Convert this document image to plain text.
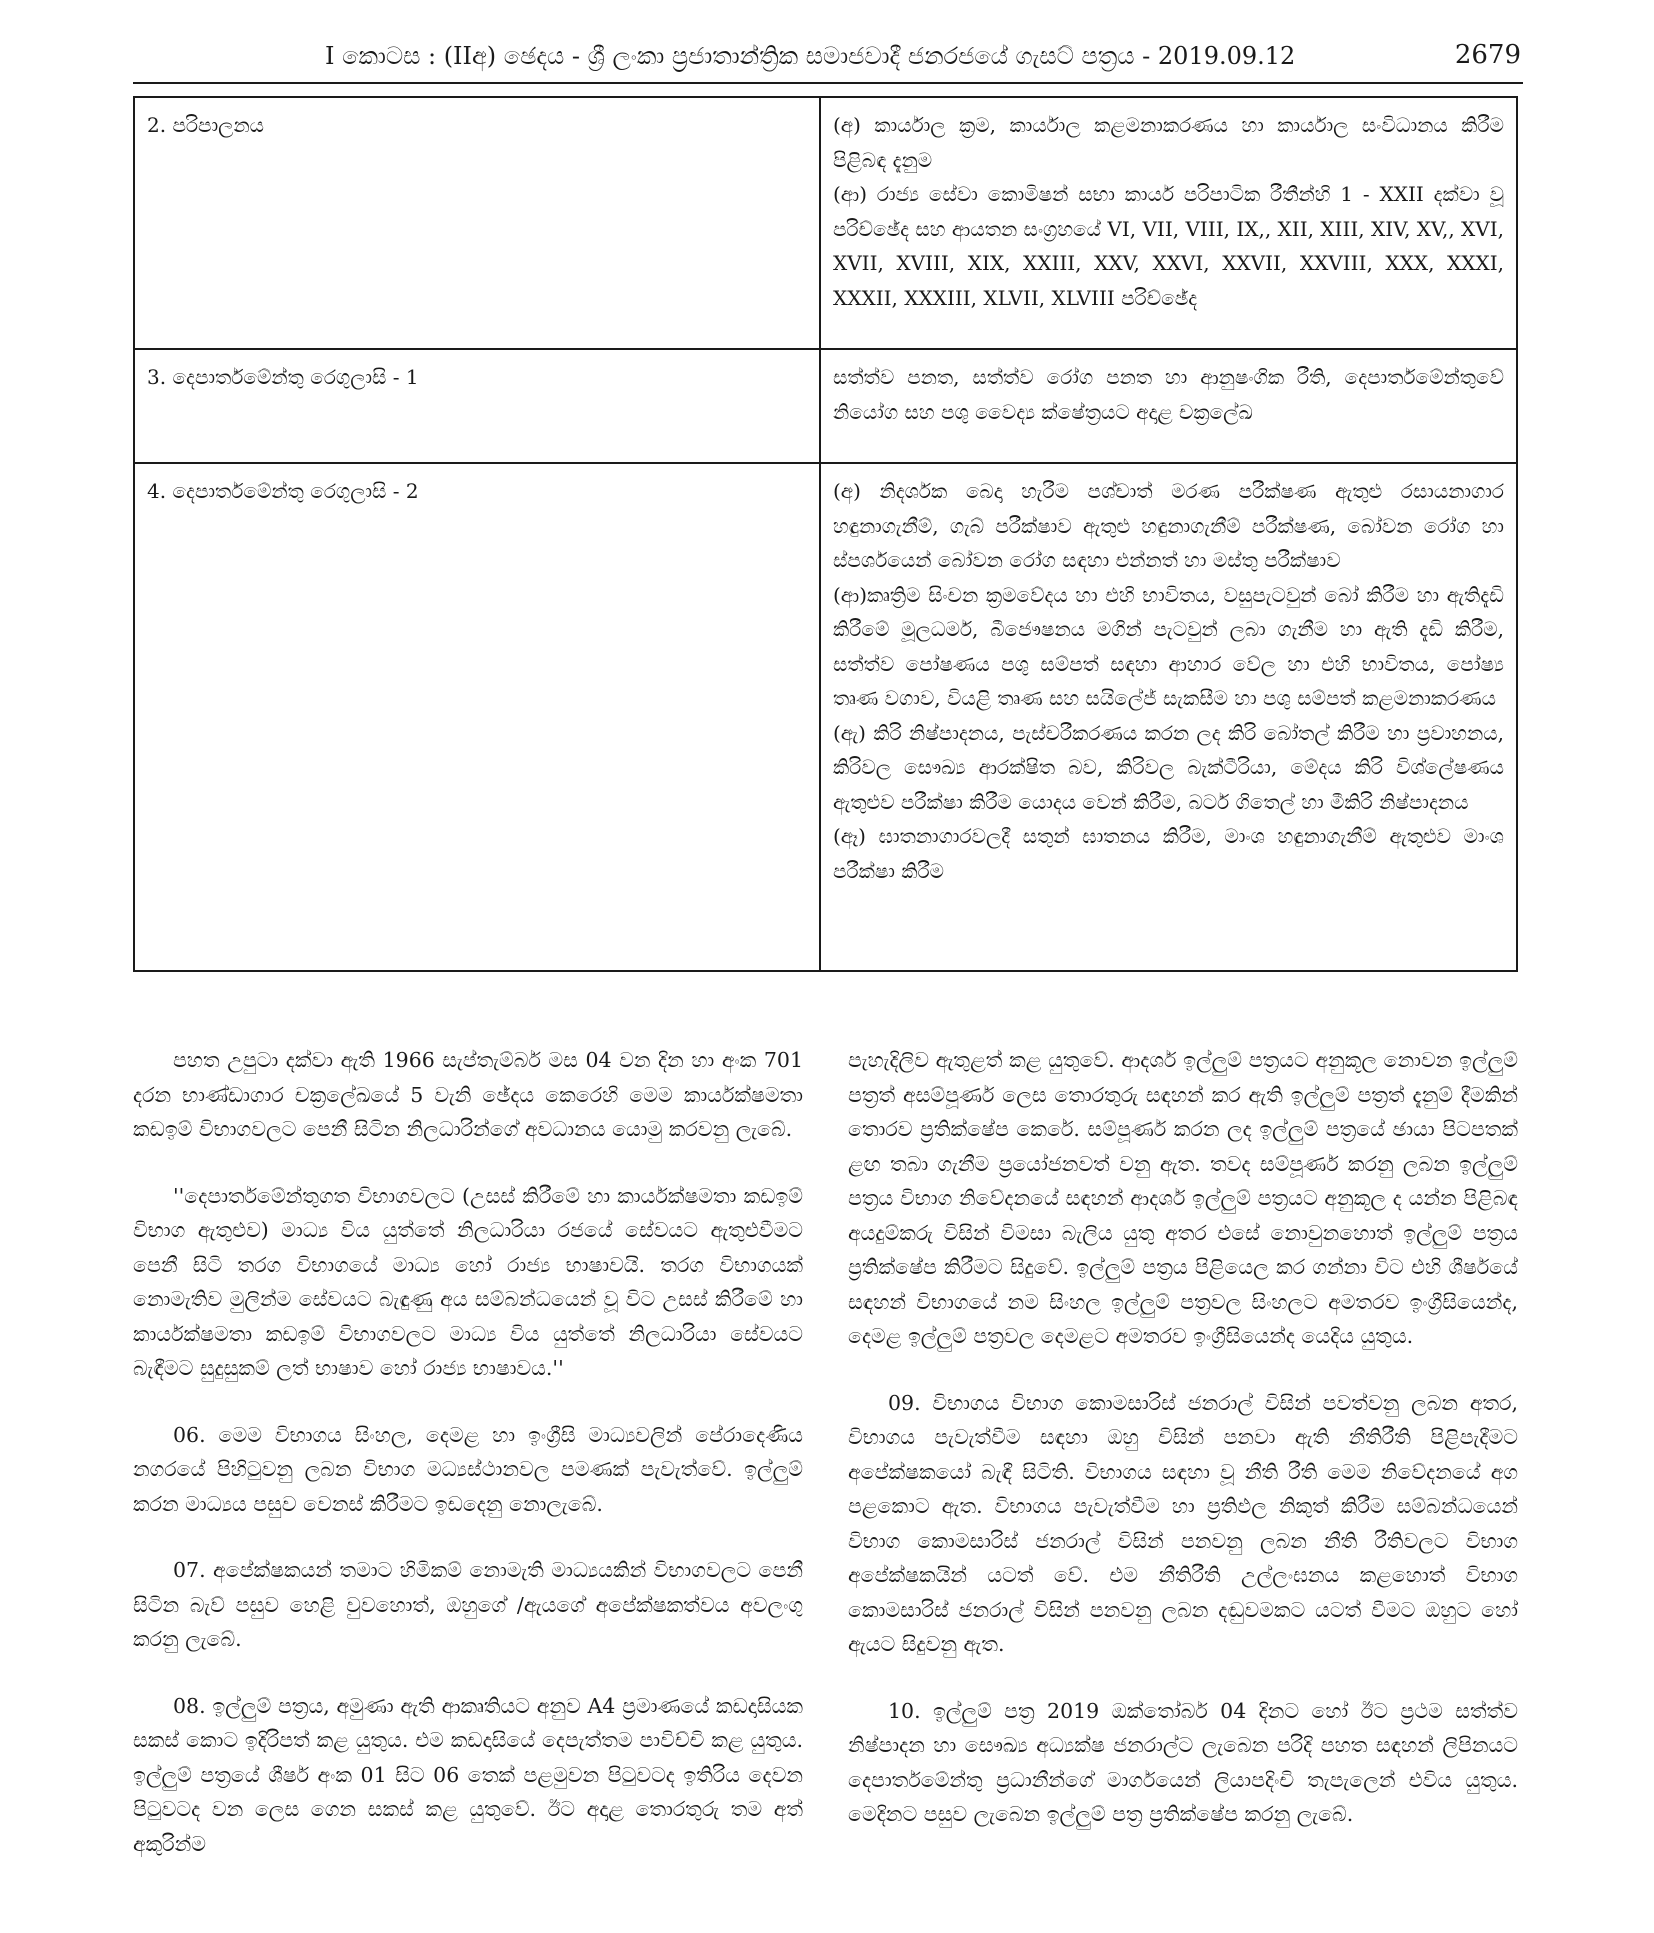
I කොටස : (IIඅ) ඡෙදය - ශ්‍රී ලංකා ප්‍රජාතාන්ත්‍රික සමාජවාදී ජනරජයේ ගැසට් පත්‍රය - 2019.09.12	2679
2. පරිපාලනය	(අ) කාර්යාල ක්‍රම, කාර්යාල කළමනාකරණය හා කාර්යාල සංවිධානය කිරීම පිළිබඳ දැනුම
(ආ) රාජ්‍ය සේවා කොමිෂන් සභා කාර්ය පරිපාටික රීතීන්හි 1 - XXII දක්වා වූ පරිච්ඡේද සහ ආයතන සංග්‍රහයේ VI, VII, VIII, IX,, XII, XIII, XIV, XV,, XVI, XVII, XVIII, XIX, XXIII, XXV, XXVI, XXVII, XXVIII, XXX, XXXI, XXXII, XXXIII, XLVII, XLVIII පරිච්ඡේද

3. දෙපාර්තමේන්තු රෙගුලාසි - 1	සත්ත්ව පනත, සත්ත්ව රෝග පනත හා ආනුෂංගික රීති, දෙපාර්තමේන්තුවේ නියෝග සහ පශු වෛද්‍ය ක්ෂේත්‍රයට අදාළ චක්‍රලේඛ

4. දෙපාර්තමේන්තු රෙගුලාසි - 2	(අ) නිදර්ශක බෙදා හැරීම පශ්චාත් මරණ පරීක්ෂණ ඇතුළු රසායනාගාර හඳුනාගැනීම්, ගැබ් පරීක්ෂාව ඇතුළු හඳුනාගැනීම් පරීක්ෂණ, බෝවන රෝග හා ස්පර්ශයෙන් බෝවන රෝග සඳහා එන්නත් හා මස්තු පරීක්ෂාව
(ආ)කෘත්‍රිම සිංචන ක්‍රමවේදය හා එහි භාවිතය, වසුපැටවුන් බෝ කිරීම හා ඇතිදැඩි කිරීමේ මූලධර්ම, බීජෞෂනය මගින් පැටවුන් ලබා ගැනීම හා ඇති දැඩි කිරීම, සත්ත්ව පෝෂණය පශු සම්පත් සඳහා ආහාර වේල හා එහි භාවිතය, පෝෂ්‍ය තෘණ වගාව, වියළි තෘණ සහ සයිලේජ් සැකසීම හා පශු සම්පත් කළමනාකරණය
(ඇ) කිරි නිෂ්පාදනය, පැස්චරීකරණය කරන ලද කිරි බෝතල් කිරීම හා ප්‍රවාහනය, කිරිවල සෞඛ්‍ය ආරක්ෂිත බව, කිරිවල බැක්ටීරියා, මේදය කිරි විශ්ලේෂණය ඇතුළුව පරීක්ෂා කිරීම යොදය වෙන් කිරීම, බටර් ගිතෙල් හා මීකිරි නිෂ්පාදනය
(ඈ) ඝාතනාගාරවලදී සතුන් ඝාතනය කිරීම, මාංශ හඳුනාගැනීම් ඇතුළුව මාංශ පරීක්ෂා කිරීම

පහත උපුටා දක්වා ඇති 1966 සැප්තැම්බර් මස 04 වන දින හා අංක 701 දරන භාණ්ඩාගාර චක්‍රලේඛයේ 5 වැනි ඡේදය කෙරෙහි මෙම කාර්යක්ෂමතා කඩඉම් විභාගවලට පෙනී සිටින නිලධාරින්ගේ අවධානය යොමු කරවනු ලැබේ.

''දෙපාර්තමේන්තුගත විභාගවලට (උසස් කිරීමේ හා කාර්යක්ෂමතා කඩඉම් විභාග ඇතුළුව) මාධ්‍ය විය යුත්තේ නිලධාරියා රජයේ සේවයට ඇතුළුවීමට පෙනී සිටි තරග විභාගයේ මාධ්‍ය හෝ රාජ්‍ය භාෂාවයි. තරග විභාගයක් නොමැතිව මුලින්ම සේවයට බැඳුණු අය සම්බන්ධයෙන් වූ විට උසස් කිරීමේ හා කාර්යක්ෂමතා කඩඉම් විභාගවලට මාධ්‍ය විය යුත්තේ නිලධාරියා සේවයට බැඳීමට සුදුසුකම් ලත් භාෂාව හෝ රාජ්‍ය භාෂාවය.''

06. මෙම විභාගය සිංහල, දෙමළ හා ඉංග්‍රීසි මාධ්‍යවලින් පේරාදෙණිය නගරයේ පිහිටුවනු ලබන විභාග මධ්‍යස්ථානවල පමණක් පැවැත්වේ. ඉල්ලුම් කරන මාධ්‍යය පසුව වෙනස් කිරීමට ඉඩදෙනු නොලැබේ.

07. අපේක්ෂකයන් තමාට හිමිකම් නොමැති මාධ්‍යයකින් විභාගවලට පෙනී සිටින බැව් පසුව හෙළි වුවහොත්, ඔහුගේ /ඇයගේ අපේක්ෂකත්වය අවලංගු කරනු ලැබේ.

08. ඉල්ලුම් පත්‍රය, අමුණා ඇති ආකෘතියට අනුව A4 ප්‍රමාණයේ කඩදාසියක සකස් කොට ඉදිරිපත් කළ යුතුය. එම කඩදාසියේ දෙපැත්තම පාවිච්චි කළ යුතුය. ඉල්ලුම් පත්‍රයේ ශීර්ෂ අංක 01 සිට 06 තෙක් පළමුවන පිටුවටද ඉතිරිය දෙවන පිටුවටද වන ලෙස ගෙන සකස් කළ යුතුවේ. ඊට අදාළ තොරතුරු තම අත් අකුරින්ම

පැහැදිලිව ඇතුළත් කළ යුතුවේ. ආදර්ශ ඉල්ලුම් පත්‍රයට අනුකූල නොවන ඉල්ලුම් පත්‍රත් අසම්පූර්ණ ලෙස තොරතුරු සඳහන් කර ඇති ඉල්ලුම් පත්‍රත් දැනුම් දීමකින් තොරව ප්‍රතික්ෂේප කෙරේ. සම්පූර්ණ කරන ලද ඉල්ලුම් පත්‍රයේ ඡායා පිටපතක් ළඟ තබා ගැනීම ප්‍රයෝජනවත් වනු ඇත. තවද සම්පූර්ණ කරනු ලබන ඉල්ලුම් පත්‍රය විභාග නිවේදනයේ සඳහන් ආදර්ශ ඉල්ලුම් පත්‍රයට අනුකූල ද යන්න පිළිබඳ අයදුම්කරු විසින් විමසා බැලිය යුතු අතර එසේ නොවුනහොත් ඉල්ලුම් පත්‍රය ප්‍රතික්ෂේප කිරීමට සිදුවේ. ඉල්ලුම් පත්‍රය පිළියෙල කර ගන්නා විට එහි ශීර්ෂයේ සඳහන් විභාගයේ නම සිංහල ඉල්ලුම් පත්‍රවල සිංහලට අමතරව ඉංග්‍රීසියෙන්ද, දෙමළ ඉල්ලුම් පත්‍රවල දෙමළට අමතරව ඉංග්‍රීසියෙන්ද යෙදිය යුතුය.

09. විභාගය විභාග කොමසාරිස් ජනරාල් විසින් පවත්වනු ලබන අතර, විභාගය පැවැත්වීම සඳහා ඔහු විසින් පනවා ඇති නීතිරීති පිළිපැදීමට අපේක්ෂකයෝ බැඳී සිටිති. විභාගය සඳහා වූ නීති රීති මෙම නිවේදනයේ අග පළකොට ඇත. විභාගය පැවැත්වීම හා ප්‍රතිඵල නිකුත් කිරීම සම්බන්ධයෙන් විභාග කොමසාරිස් ජනරාල් විසින් පනවනු ලබන නීති රීතිවලට විභාග අපේක්ෂකයින් යටත් වේ. එම නීතිරීති උල්ලංඝනය කළහොත් විභාග කොමසාරිස් ජනරාල් විසින් පනවනු ලබන දඬුවමකට යටත් වීමට ඔහුට හෝ ඇයට සිදුවනු ඇත.

10. ඉල්ලුම් පත්‍ර 2019 ඔක්තෝබර් 04 දිනට හෝ ඊට ප්‍රථම සත්ත්ව නිෂ්පාදන හා සෞඛ්‍ය අධ්‍යක්ෂ ජනරාල්ට ලැබෙන පරිදි පහත සඳහන් ලිපිනයට දෙපාර්තමේන්තු ප්‍රධානීන්ගේ මාර්ගයෙන් ලියාපදිංචි තැපැලෙන් එවිය යුතුය. මෙදිනට පසුව ලැබෙන ඉල්ලුම් පත්‍ර ප්‍රතික්ෂේප කරනු ලැබේ.
